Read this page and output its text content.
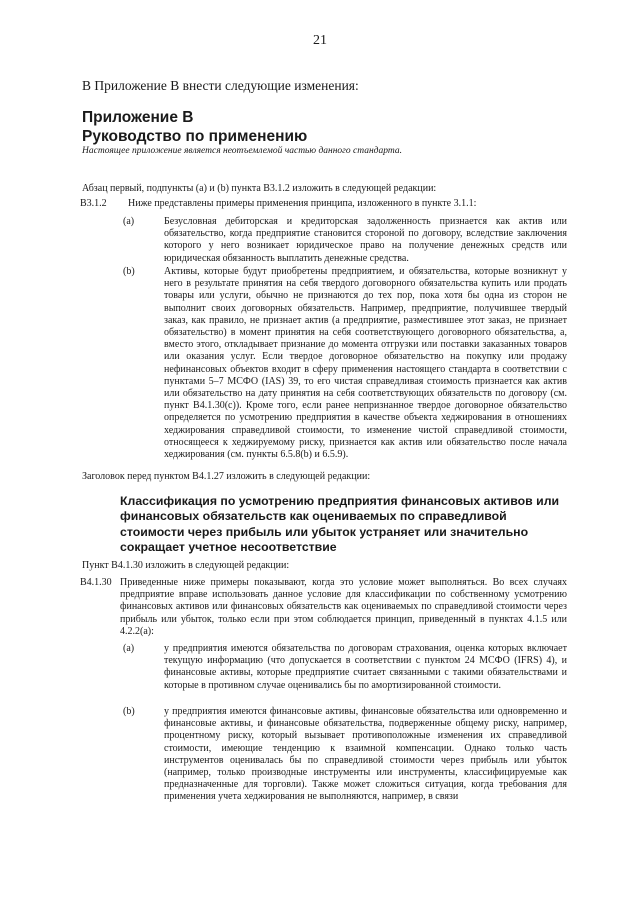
21
В Приложение В внести следующие изменения:
Приложение В
Руководство по применению
Настоящее приложение является неотъемлемой частью данного стандарта.
Абзац первый, подпункты (a) и (b) пункта B3.1.2 изложить в следующей редакции:
B3.1.2 Ниже представлены примеры применения принципа, изложенного в пункте 3.1.1:
(a)	Безусловная дебиторская и кредиторская задолженность признается как актив или обязательство, когда предприятие становится стороной по договору, вследствие заключения которого у него возникает юридическое право на получение денежных средств или юридическая обязанность выплатить денежные средства.
(b)	Активы, которые будут приобретены предприятием, и обязательства, которые возникнут у него в результате принятия на себя твердого договорного обязательства купить или продать товары или услуги, обычно не признаются до тех пор, пока хотя бы одна из сторон не выполнит своих договорных обязательств. Например, предприятие, получившее твердый заказ, как правило, не признает актив (а предприятие, разместившее этот заказ, не признает обязательство) в момент принятия на себя соответствующего договорного обязательства, а, вместо этого, откладывает признание до момента отгрузки или поставки заказанных товаров или оказания услуг. Если твердое договорное обязательство на покупку или продажу нефинансовых объектов входит в сферу применения настоящего стандарта в соответствии с пунктами 5–7 МСФО (IAS) 39, то его чистая справедливая стоимость признается как актив или обязательство на дату принятия на себя соответствующих обязательств по договору (см. пункт B4.1.30(c)). Кроме того, если ранее непризнанное твердое договорное обязательство определяется по усмотрению предприятия в качестве объекта хеджирования в отношениях хеджирования справедливой стоимости, то изменение чистой справедливой стоимости, относящееся к хеджируемому риску, признается как актив или обязательство после начала хеджирования (см. пункты 6.5.8(b) и 6.5.9).
Заголовок перед пунктом B4.1.27 изложить в следующей редакции:
Классификация по усмотрению предприятия финансовых активов или финансовых обязательств как оцениваемых по справедливой стоимости через прибыль или убыток устраняет или значительно сокращает учетное несоответствие
Пункт B4.1.30 изложить в следующей редакции:
B4.1.30 Приведенные ниже примеры показывают, когда это условие может выполняться. Во всех случаях предприятие вправе использовать данное условие для классификации по собственному усмотрению финансовых активов или финансовых обязательств как оцениваемых по справедливой стоимости через прибыль или убыток, только если при этом соблюдается принцип, приведенный в пунктах 4.1.5 или 4.2.2(a):
(a)	у предприятия имеются обязательства по договорам страхования, оценка которых включает текущую информацию (что допускается в соответствии с пунктом 24 МСФО (IFRS) 4), и финансовые активы, которые предприятие считает связанными с такими обязательствами и которые в противном случае оценивались бы по амортизированной стоимости.
(b)	у предприятия имеются финансовые активы, финансовые обязательства или одновременно и финансовые активы, и финансовые обязательства, подверженные общему риску, например, процентному риску, который вызывает противоположные изменения их справедливой стоимости, имеющие тенденцию к взаимной компенсации. Однако только часть инструментов оценивалась бы по справедливой стоимости через прибыль или убыток (например, только производные инструменты или инструменты, классифицируемые как предназначенные для торговли). Также может сложиться ситуация, когда требования для применения учета хеджирования не выполняются, например, в связи
